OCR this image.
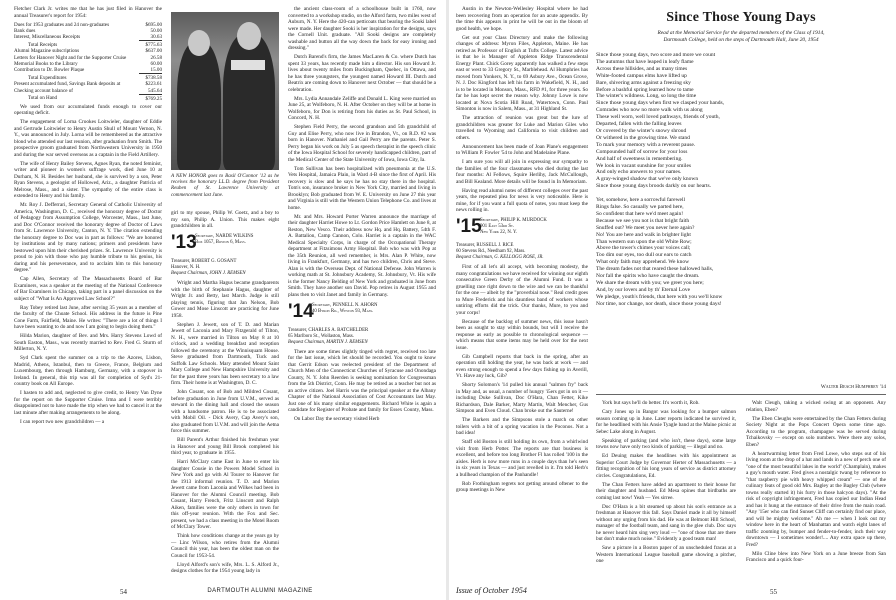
Fletcher Clark Jr. writes me that he has just filed in Hanover the annual Treasurer's report for 1954:

Dues for 1953 graduates and 24 non-graduates	$695.00
Bank dues	50.00
Interest, Miscellaneous Receipts	30.63
Total Receipts	$775.63
Alumni Magazine subscriptions	$637.00
Letters for Hanover Night and for the Supporter Cruise	26.58
Memorial Books to the Library	60.00
Contribution to Dr. Bowler Plaque	15.00
Total Expenditures	$738.58
Present accumulated fund, Savings Bank deposits at	$223.61
Checking account balance of	545.64
Total on Hand	$769.25

We used from our accumulated funds enough to cover our operating deficit.

The engagement of Lorna Crookes Loitwieler, daughter of Eddie and Gertrude Loitwieler to Henry Austin Shull of Mount Vernon, N. Y., was announced in July. Lorna will be remembered as the attractive blond who attended our last reunion, after graduation from Smith. The prospective groom graduated from Northwestern University in 1950 and during the war served overseas as a captain in the Field Artillery.

The wife of Henry Bailey Stevens, Agnes Ryan, the noted feminist, writer and pioneer in women's suffrage work, died June 10 at Durham, N. H. Besides her husband, she is survived by a son, Peter Ryan Stevens, a geologist of Hollowed, Ariz., a daughter Patricia of Melrose, Mass., and a sister. The sympathy of the entire class is extended to Henry and his family.

Mr. Roy J. Defferrari, Secretary General of Catholic University of America, Washington, D. C., received the honorary degree of Doctor of Pedagogy from Assumption College, Worcester, Mass., last June, and Doc O'Connor received the honorary degree of Doctor of Laws from St. Lawrence University, Canton, N. Y. The citation extending the honorary degree to Doc was in part as follows: "We are honored by institutions and by many nations; primers and presidents have bestowed upon him their cherished prizes. St. Lawrence University is proud to join with those who pay humble tribute to his genius, his daring and his perseverance, and to acclaim him to this honorary degree."

Cap Allen, Secretary of The Massachusetts Board of Bar Examiners, was a speaker at the meeting of the National Conference of Bar Examiners in Chicago, taking part in a panel discussion on the subject of "What Is An Approved Law School?"

Ray Tobey retired last June, after serving 35 years as a member of the faculty of the Choate School. His address in the future is Pine Cone Farm, Fairfield, Maine. He writes: "There are a lot of things I have been wanting to do and now I am going to begin doing them."

Hilda Marion, daughter of Bev. and Mrs. Harry Stevens Lowd of South Easton, Mass., was recently married to Rev. Fred G. Sturm of Millerton, N. Y.

Syd Clark spent the summer on a trip to the Azores, Lisbon, Madrid, Athens, Istanbul, then to Greece, France, Belgium and Luxembourg, then through Hamburg, Germany, with a stopover in Ireland. In general, this trip was all for completion of Syd's 21-country book on All Europe.

I hasten to add and, neglected to give credit, to Henry Van Dyne for the report on the Supporter Cruise. Irma and I were terribly disappointed not to have made the trip when we had to cancel it at the last minute after making arrangements to be along.

I can report two new grandchildren — a

A NEW HONOR goes to Basil O'Connor '12 as he receives the honorary LL.D. degree from President Reuben of St. Lawrence University at commencement last June.

girl to my spouse, Philip W. Goetz, and a boy to my son, Philip A. Union. This makes eight grandchildren in all.

'13
Secretary, NARDE WILKINS
Box 1057, Boston 6, Mass.
Treasurer, ROBERT G. GOSANT
Hanover, N. H.
Bequest Chairman, JOHN J. REMSEN

Wright and Martha Hagus became grandparents with the birth of Stephanie Hagus, daughter of Wright Jr. and Betty, last March. Judge is still playing tennis, figuring that Jan Nelson, Bob Gower and Mose Linscott are practicing for June 1958.

Stephen J. Jewett, son of T. D. and Marian Jewett of Laconia and Mary Fitzgerald of Tilton, N. H., were married in Tilton on May 8 at 10 o'clock, and a wedding breakfast and reception followed the ceremony at the Winnisquam House. Steve graduated from Dartmouth, Tuck and Suffolk Law Schools. Mary attended Mount Saint Mary College and New Hampshire University and for the past three years has been secretary to a law firm. Their home is at Washington, D. C.

John Cosant, son of Bob and Mildred Cosant, before graduation in June from U.V.M., served as steward in the dining hall and closed the season with a handsome patron. He is to be associated with Mobil Oil. - Dick Avery, Cap Avery's son, also graduated from U.V.M. and will join the Aetna force this summer.

Bill Parent's Arthur finished his freshman year in Hanover and young Bill Brook completed his third year, to graduate in 1955.

Harri McClary came East in June to enter his daughter Cousie in the Powers Model School in New York and go with Al Tourer to Hanover for the 1913 informal reunion. T. D. and Marion Jewett came from Laconia and Wilkes had been in Hanover for the Alumni Council meeting. Bob Cosant, Harry French, Fritz Linscott and Ralph Aiken, families were the only others in town for this off-year reunion. With the Fox and Sec. present, we had a class meeting in the Motel Room of McClary Tower.

Think how conditions change at the years go by — Linc Wilson, who retires from the Alumni Council this year, has been the oldest man on the Council for 1953-54.

Lloyd Alford's son's wife, Mrs. L. S. Alford Jr., designs clothes for the 1954 young lady in

the ancient class-room of a schoolhouse built in 1760, now converted to a workshop studio, on the Alford farm, two miles west of Auburn, N. Y. Here the 420-can petticoats that bearing the Sooki label were made. Her daughter Sooki is her inspiration for the designs, says the Cornell Unit. graduate. "All Sooki designs are completely washable and button all the way down the back for easy ironing and dressing."

Dutch Barend's firm, the James MacLaren & Co. where Dutch has spent 33 years, has recently made him a director. His son Howard Jr. lives about twenty miles from Buckingham, Quebec, in Ottawa, and he has three youngsters, the youngest named Howard III. Dutch and Beatrix are coming down to Hanover next October — that should be a celebration.

Mrs. Lydia Annandale Zeliffe and Donald L. King were married on June 25, at Wolfeboro, N. H. After October on they will be at home in Wolfeboro, for Don is retiring from his duties as St. Paul School, in Concord, N. H.

Stephen Field Perry, the second grandson and 5th grandchild of Guy and Elise Perry, who now live in Brandon, Vt., on R.D. #2 was born in Hanover. Nathaniel and Gail Perry are the parents. Peter S. Perry began his work on July 5 as speech therapist in the speech clinic of the Iowa Hospital School for severely handicapped children, part of the Medical Center of the State University of Iowa, Iowa City, Ia.

Tom Sullivan has been hospitalized with pneumonia at the U.S. Vets Hospital, Jamaica Plain, in Ward 4-B since the first of April. His recovery is slow and he says he has no stay there in the hospital. Tom's son, insurance broker in New York City, married and living in Brooklyn; Bob graduated from W. E. University on June 27 this year and Virginia is still with the Western Union Telephone Co. and lives at home.

Mr. and Mrs. Howard Porter Warren announce the marriage of their daughter Harriet Howe to Lt. Gordon Price Hamlett on June 8, at Reston, New Vesco. Their address now Hq. and Hq. Battery, 54th F. A. Battalion, Camp Cannon, Colo. Harriet is a captain in the WAC Medical Specialty Corps, in charge of the Occupational Therapy department at Fitzsimons Army Hospital. Bob who was with Pop at the 35th Reunion, all wed remember, is Mrs. Alan P. White, now living in Frankfurt, Germany, and has two children, Chris and Steve. Alan is with the Overseas Dept. of National Defense. John Warren is working math at St. Johnsbury Academy, St. Johnsbury, Vt. His wife is the former Nancy Belding of New York and graduated in June from Smith. They have another son David. Pop retires in August 1955 and plans then to visit Janet and family in Germany.

'14
Secretary, PENNELL N. AHORN
40 Byron Rd., Weston 93, Mass.
Treasurer, CHARLES A. BATCHELDER
65 Marlboro St., Wollaston, Mass.
Bequest Chairman, MARTIN J. REMSEN

There are some times slightly tinged with regret, received too late for the last issue, which let should be recorded. You ought to know that Gerrit Edson was reelected president of the Department of Church Men of the Connecticut Churches of Syracuse and Onondaga County, N. Y. John Reerden is seeking nomination for Congressman from the 5th District, Conn. He may be retired as a teacher but not as an active citizen. Joel Harris was the principal speaker at the Albany Chapter of the National Association of Cost Accountants last May. Just one of his many similar engagements. Richard White is again a candidate for Register of Probate and family for Essex County, Mass.

On Labor Day the secretary visited Herb

54	DARTMOUTH ALUMNI MAGAZINE

Austin in the Newton-Wellesley Hospital where he had been recovering from an operation for an acute appendix. By the time this appears in print he will be out in the bloom of good health, we hope.

Get out your Class Directory and make the following changes of address: Myron Files, Appleton, Maine. He has retired as Professor of English at Tufts College. Latest advice is that he is Manager of Appleton Ridge Transcendental Energy Plant. Chick Gorey apparently has walked a few steps east or west to 33 Gregory St., Marblehead. Al Humphries has moved from Yonkers, N. Y., to 69 Asbury Ave., Ocean Grove, N. J. Doc Kingford has left his farm in Wakefield, N. H., and is to be located in Monson, Mass., RFD #1, for three years. So far he has kept secret the reason why. Johnny Lowe is now located at Nova Scotia Hill Road, Watertown, Conn. Paul Simonton is now in Salem, Mass., at 31 Highland St.

The attraction of reunion was great but the lure of grandchildren was greater for Luke and Marion Giles who travelled to Wyoming and California to visit children and others.

Announcement has been made of Joan Plane's engagement to William P. Fowler '54 to John and Madelaine Plane.

I am sure you will all join in expressing our sympathy to the families of the four classmates who died during the last four months: Al Fellows, Squire Herlihy, Jack McCullough, and Bill Kealand. More details will be found in In Memoriam.

Having read alumni notes of different colleges over the past years, the repeated plea for news is very noticeable. Here is mine, for if you want a full quota of notes, you must keep the news rolling in.

'15
Secretary, PHILIP K. MURDOCK
901 East 53rd St.
New York 22, N. Y.
Treasurer, RUSSELL J. RICE
60 Stevens Rd., Needham 92, Mass.
Bequest Chairman, G. KELLOGG ROSE, JR.

First of all let's all accept, with becoming modesty, the many congratulations we have received for winning our eighth consecutive Green Derby of the Alumni Fund. It was a gruelling race right down to the wire and we can be thankful for the one — albeit by the "proverbial nose." Real credit goes to Mure Frederick and his dauntless band of workers whose untiring efforts did the trick. Our thanks, Mure, to you and your corps!

Because of the backlog of summer news, this issue hasn't been as sought to stay within bounds, but will I receive the response as early as possible to chronological sequence — which means that some items may be held over for the next issue.

Gib Campbell reports that back in the spring, after an operation still holding the year, he was back at work — and even strong enough to spend a few days fishing up in Averill, Vt. Have any luck, Gib?

Shorty Solomon's '14 pulled his annual "salmon fry" back in May and, as usual, a number of hungry 'i5ers got in on it — including Duke Sullivan, Doc O'Hara, Chan Fetter, Kike Richardson, Dale Barker, Marty Martin, Walt Mencher, Gus Simpson and Even Cloud. Chan broke out the Sauterne!

The Barkers and the Simpsons stole a march on other toilers with a bit of a spring vacation in the Poconos. Not a bad idea!

Staff old Boston is still holding its own, from a whirlwind visit from Herb Potter. The reports are that business is excellent, and before too long Brother Fl has rolled '100 in the aisles. Herb is now more runs in a couple days than he's seen in six years in Texas — and just revelled in it. I'm told Herb's a bullhead champion of the Panhandle!

Rob Frothingham regrets not getting around oftener to the group meetings in New

Since Those Young Days
Read at the Memorial Service for the departed members of the Class of 1914,
Dartmouth College, held on the steps of Dartmouth Hall, June 20, 1954
Since those young days, two score and more we count
The autumns that have leaped in leafy flame
Across these hillsides, and as many times
White-footed campus elms have lifted up
Bare, shivering arms against a freezing sky
Before a bashful spring learned how to tame
The winter's wildness. Long, so long the time
Since those young days when first we clasped your hands,
Comrades who now no more walk with us along
These well worn, well loved pathways, friends of youth,
Departed, fallen with the falling leaves
Or covered by the winter's snowy shroud
Or withered in the growing time. We stand
To mark your memory with a reverent pause.
Compounded half of sorrow for your loss
And half of sweetness in remembering.
We look in vacant sunshine for your smiles
And only echo answers to your names.
A gray-winged shadow that we've only known
Since those young days broods darkly on our hearts.
Yet, somehow, here a sorrowful farewell
Rings false. So casually we parted here,
So confident that here we'd meet again!
Because we see you not is that bright faith
Snuffed out? We meet you never here again?
No! You are here and walk in brighter light
Than western sun upon the old White Row;
Above the tower's chimes your voices call;
Too dim our eyes, too dull our ears to catch
What only faith may apprehend. We know
The dream fades not that reared these hallowed halls,
Nor fall the spirits who have caught the dream.
We share the dream with you; we greet you here;
And, by our lovers and by th' Eternal Love
We pledge, youth's friends, that here with you we'll know
Nor time, nor change, nor death, since those young days!
Walter Beach Humphrey '14

York but says he'll do better. It's worth it, Rob.

Cary Jones up in Bangor was looking for a bumper salmon season coming up in June. Later reports indicated he survived it, for he headlined with his Ansie Tyagle band at the Maine picnic at Sebec Lake along in August.

Speaking of parking (and who isn't, these days), some large towns now have only two kinds of parking — illegal and no.

Ed Deuing makes the headlines with his appointment as Superior Court Judge by Governor Herter of Massachusetts — a fitting recognition of his long years of service as district attorney circles. Congratulations, Ed.

The Chan Fetters have added an apartment to their house for their daughter and husband. Ed Mesa opines that birdbaths are coming last now! Yeah — Yes sirree.

Doc O'Hara is a bit steamed up about his son's entrance as a freshman at Hanover this fall. Says Daniel made it all by himself without any urging from his dad. He was at Belmont Hill School, manager of the football team, and sang in the glee club. Doc says he never heard him sing very loud — "one of those that are there but don't make much noise." Evidently a good team man!

Saw a picture in a Boston paper of an unscheduled fracas at a Western International League baseball game showing a pitcher, one

Walt Cleugh, taking a wicked swing at an opponent. Any relation, Eben?

The Eben Cleughs were entertained by the Chan Fetters during Society Night at the Pops Concert Opera some time ago. According to the program, champagne was be served during Tchaikovsky — except on solo numbers. Were there any solos, Eben?

A heartwarming letter from Fred Lowe, who steps out of his living room at the drop of a hat and lands in a new of perch one of "one of the most beautiful lakes in the world" (Champlain), makes a guy's mouth water. Fred gives a nostalgic twang by reference to "that raspberry pie with heavy whipped cream" — one of the culinary feats of good old Mrs. Bagley at the Bagley Club (where towns really started it) his furry in those halcyon days). "At the risk of copyright infringement, Fred has copied our Indian Head and has it hung at the entrance of their drive from the main road. "Any '15er who can find Sunset Cliff can certainly find our place, and will be mighty welcome." Ah me — when I look out my window here in the heart of Manhattan and watch eight lanes of traffic zooming by, bumper and fender-to-fender, inch their way downtown — I sometimes wonder!.... Any extra space up there, Fred?

Milo Cline blew into New York on a June breeze from San Francisco and a quick four-

Issue of October 1954	55
